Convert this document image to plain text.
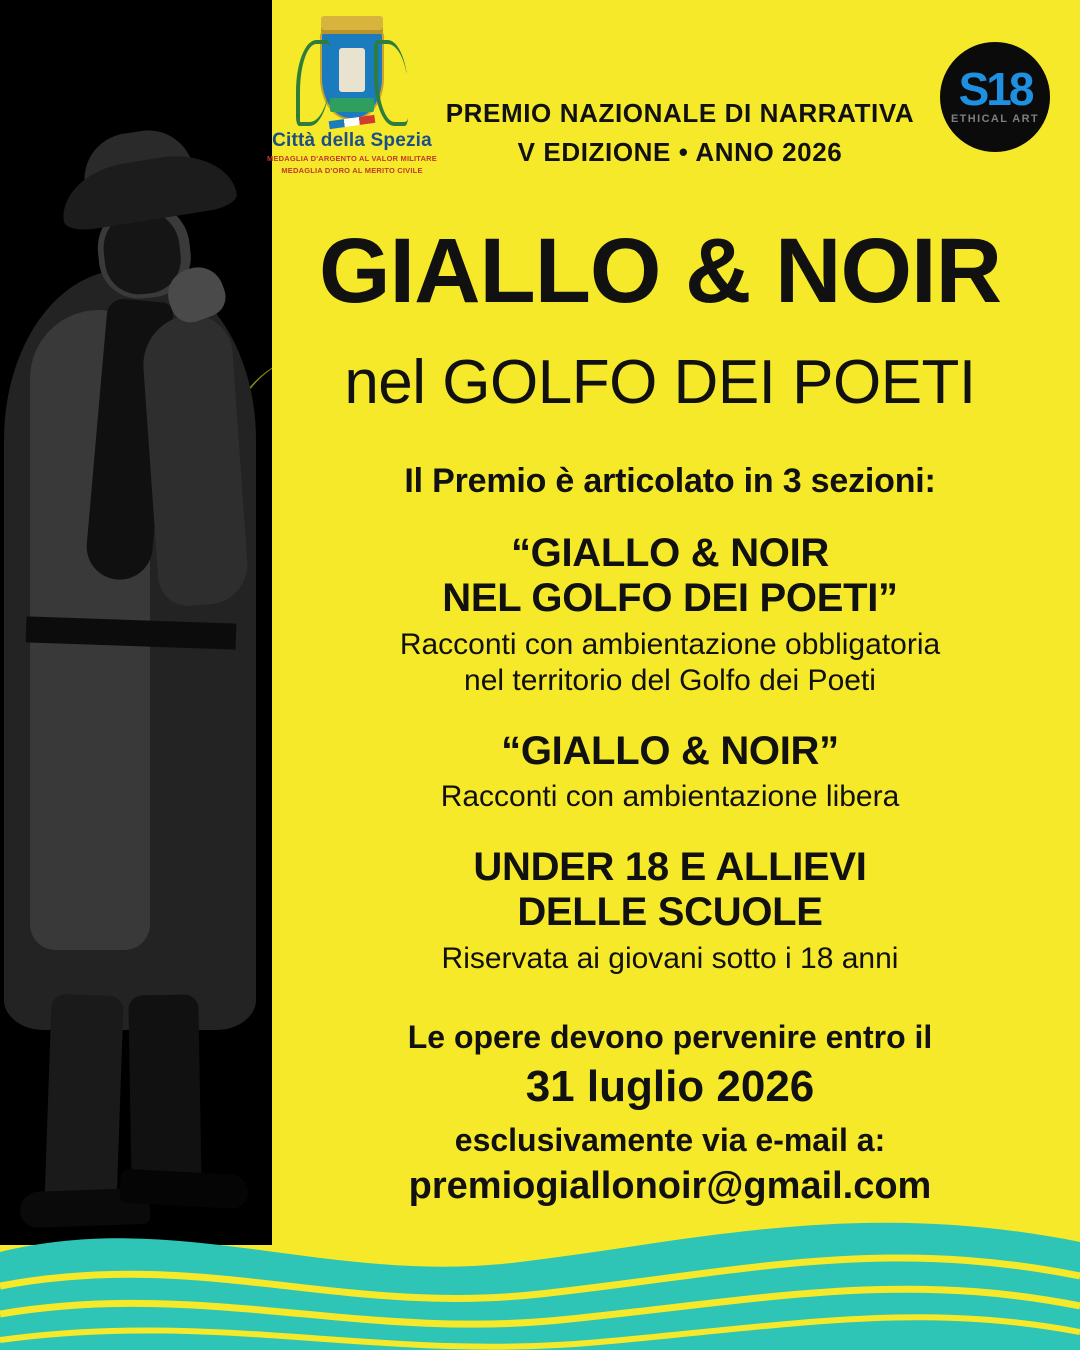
Città della Spezia
MEDAGLIA D'ARGENTO AL VALOR MILITARE
MEDAGLIA D'ORO AL MERITO CIVILE
PREMIO NAZIONALE DI NARRATIVA
V EDIZIONE • ANNO 2026
S18
ETHICAL ART
GIALLO & NOIR
nel GOLFO DEI POETI
Il Premio è articolato in 3 sezioni:
“GIALLO & NOIR
NEL GOLFO DEI POETI”
Racconti con ambientazione obbligatoria
nel territorio del Golfo dei Poeti
“GIALLO & NOIR”
Racconti con ambientazione libera
UNDER 18 E ALLIEVI
DELLE SCUOLE
Riservata ai giovani sotto i 18 anni
Le opere devono pervenire entro il
31 luglio 2026
esclusivamente via e-mail a:
premiogiallonoir@gmail.com
